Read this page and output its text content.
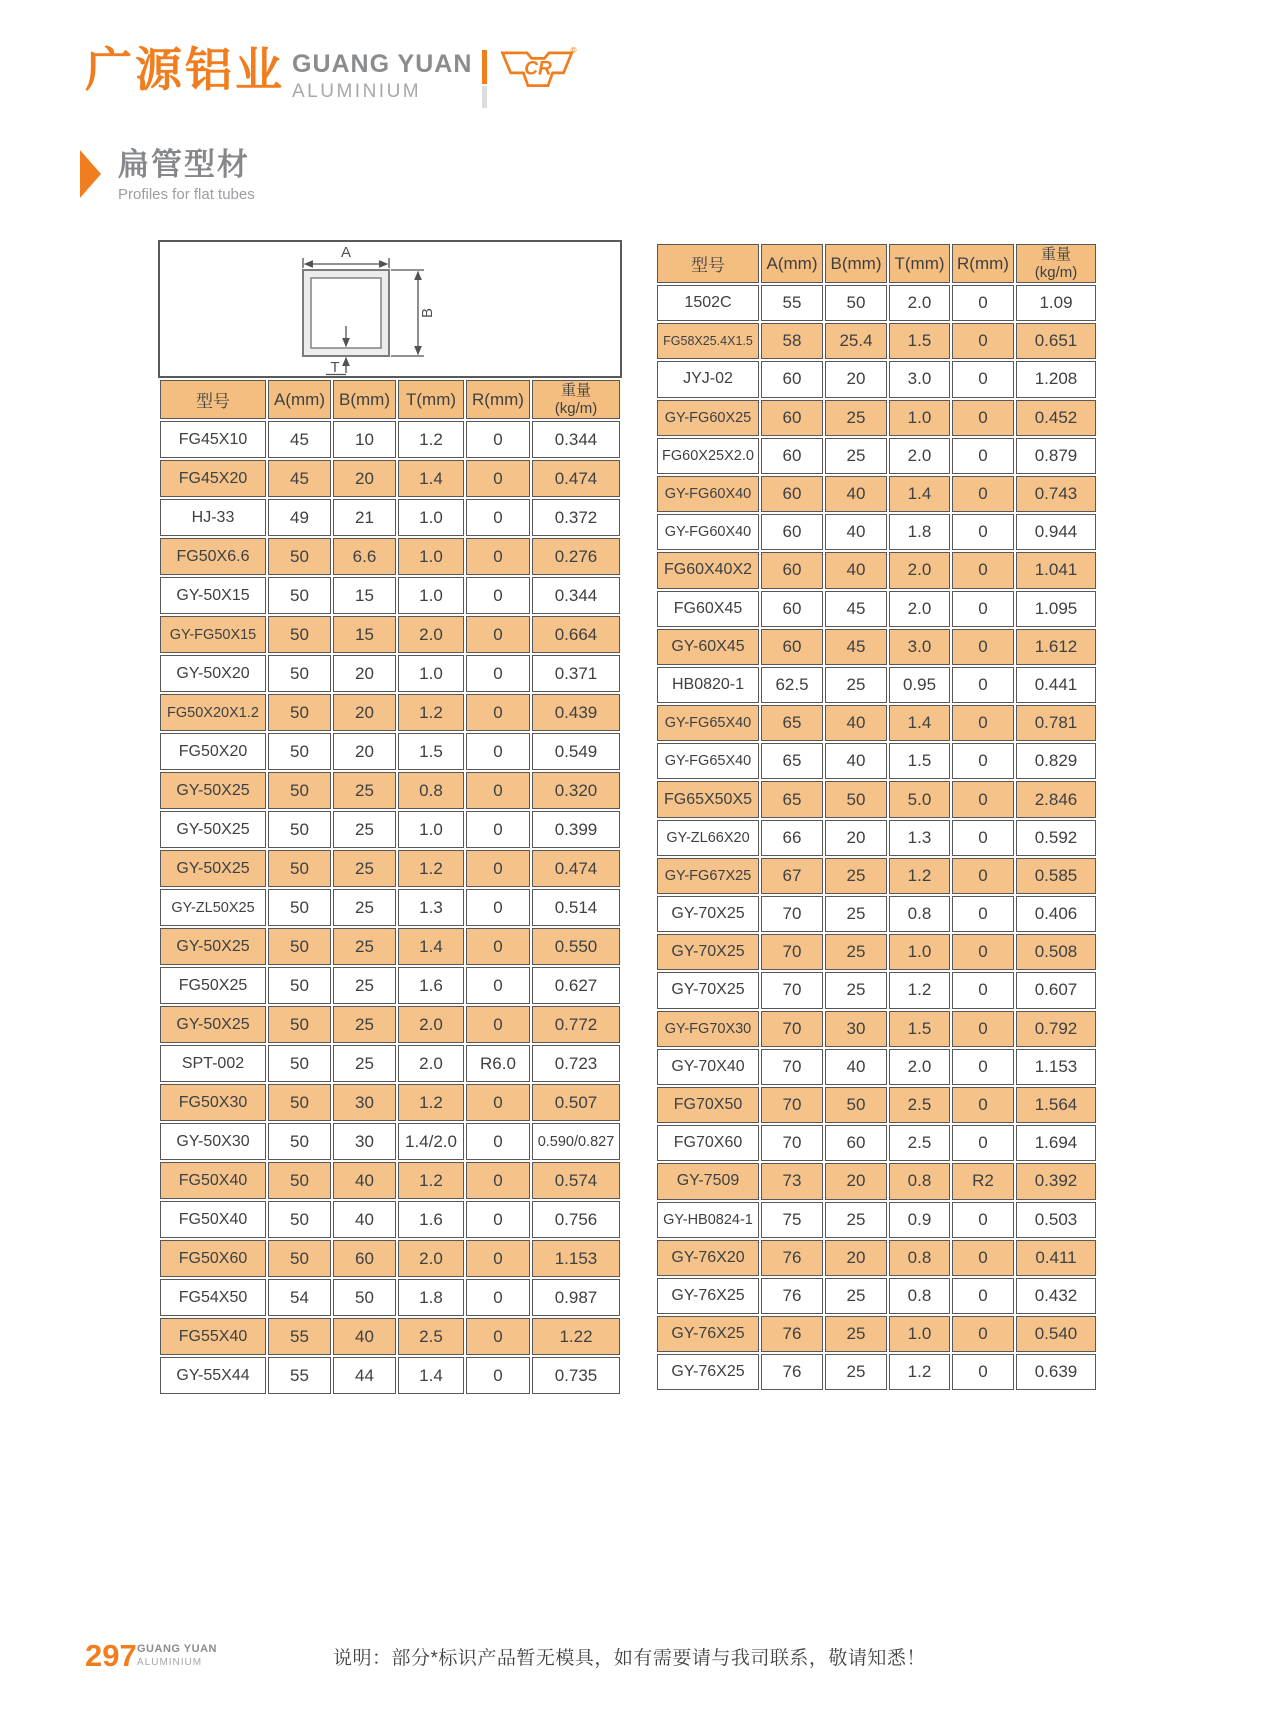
广源铝业 GUANG YUAN
ALUMINIUM
CR
®
扁管型材
Profiles for flat tubes
A
B
T
型号	A(mm)	B(mm)	T(mm)	R(mm)	重量
(kg/m)
FG45X10	45	10	1.2	0	0.344
FG45X20	45	20	1.4	0	0.474
HJ-33	49	21	1.0	0	0.372
FG50X6.6	50	6.6	1.0	0	0.276
GY-50X15	50	15	1.0	0	0.344
GY-FG50X15	50	15	2.0	0	0.664
GY-50X20	50	20	1.0	0	0.371
FG50X20X1.2	50	20	1.2	0	0.439
FG50X20	50	20	1.5	0	0.549
GY-50X25	50	25	0.8	0	0.320
GY-50X25	50	25	1.0	0	0.399
GY-50X25	50	25	1.2	0	0.474
GY-ZL50X25	50	25	1.3	0	0.514
GY-50X25	50	25	1.4	0	0.550
FG50X25	50	25	1.6	0	0.627
GY-50X25	50	25	2.0	0	0.772
SPT-002	50	25	2.0	R6.0	0.723
FG50X30	50	30	1.2	0	0.507
GY-50X30	50	30	1.4/2.0	0	0.590/0.827
FG50X40	50	40	1.2	0	0.574
FG50X40	50	40	1.6	0	0.756
FG50X60	50	60	2.0	0	1.153
FG54X50	54	50	1.8	0	0.987
FG55X40	55	40	2.5	0	1.22
GY-55X44	55	44	1.4	0	0.735
型号	A(mm)	B(mm)	T(mm)	R(mm)	重量
(kg/m)
1502C	55	50	2.0	0	1.09
FG58X25.4X1.5	58	25.4	1.5	0	0.651
JYJ-02	60	20	3.0	0	1.208
GY-FG60X25	60	25	1.0	0	0.452
FG60X25X2.0	60	25	2.0	0	0.879
GY-FG60X40	60	40	1.4	0	0.743
GY-FG60X40	60	40	1.8	0	0.944
FG60X40X2	60	40	2.0	0	1.041
FG60X45	60	45	2.0	0	1.095
GY-60X45	60	45	3.0	0	1.612
HB0820-1	62.5	25	0.95	0	0.441
GY-FG65X40	65	40	1.4	0	0.781
GY-FG65X40	65	40	1.5	0	0.829
FG65X50X5	65	50	5.0	0	2.846
GY-ZL66X20	66	20	1.3	0	0.592
GY-FG67X25	67	25	1.2	0	0.585
GY-70X25	70	25	0.8	0	0.406
GY-70X25	70	25	1.0	0	0.508
GY-70X25	70	25	1.2	0	0.607
GY-FG70X30	70	30	1.5	0	0.792
GY-70X40	70	40	2.0	0	1.153
FG70X50	70	50	2.5	0	1.564
FG70X60	70	60	2.5	0	1.694
GY-7509	73	20	0.8	R2	0.392
GY-HB0824-1	75	25	0.9	0	0.503
GY-76X20	76	20	0.8	0	0.411
GY-76X25	76	25	0.8	0	0.432
GY-76X25	76	25	1.0	0	0.540
GY-76X25	76	25	1.2	0	0.639
297 GUANG YUAN
ALUMINIUM	说明：部分*标识产品暂无模具，如有需要请与我司联系，敬请知悉！
